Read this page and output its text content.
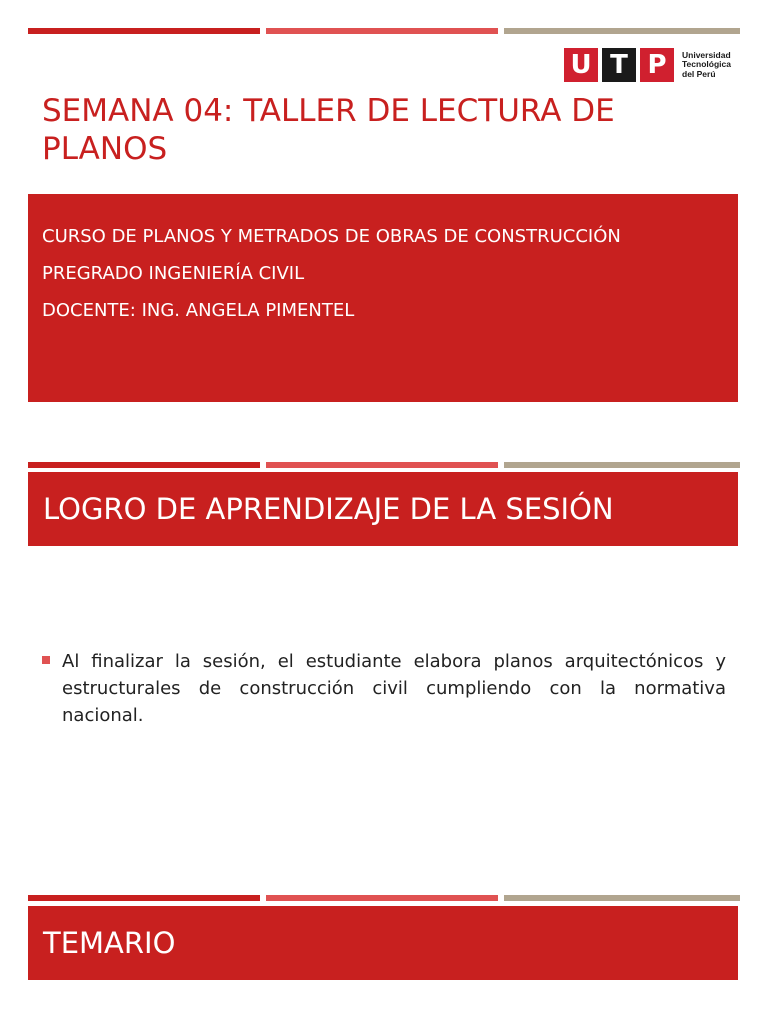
U T P	Universidad
Tecnológica
del Perú
SEMANA 04: TALLER DE LECTURA DE PLANOS
CURSO DE PLANOS Y METRADOS DE OBRAS DE CONSTRUCCIÓN
PREGRADO INGENIERÍA CIVIL
DOCENTE: ING. ANGELA PIMENTEL
LOGRO DE APRENDIZAJE DE LA SESIÓN
Al finalizar la sesión, el estudiante elabora planos arquitectónicos y estructurales de construcción civil cumpliendo con la normativa nacional.
TEMARIO
